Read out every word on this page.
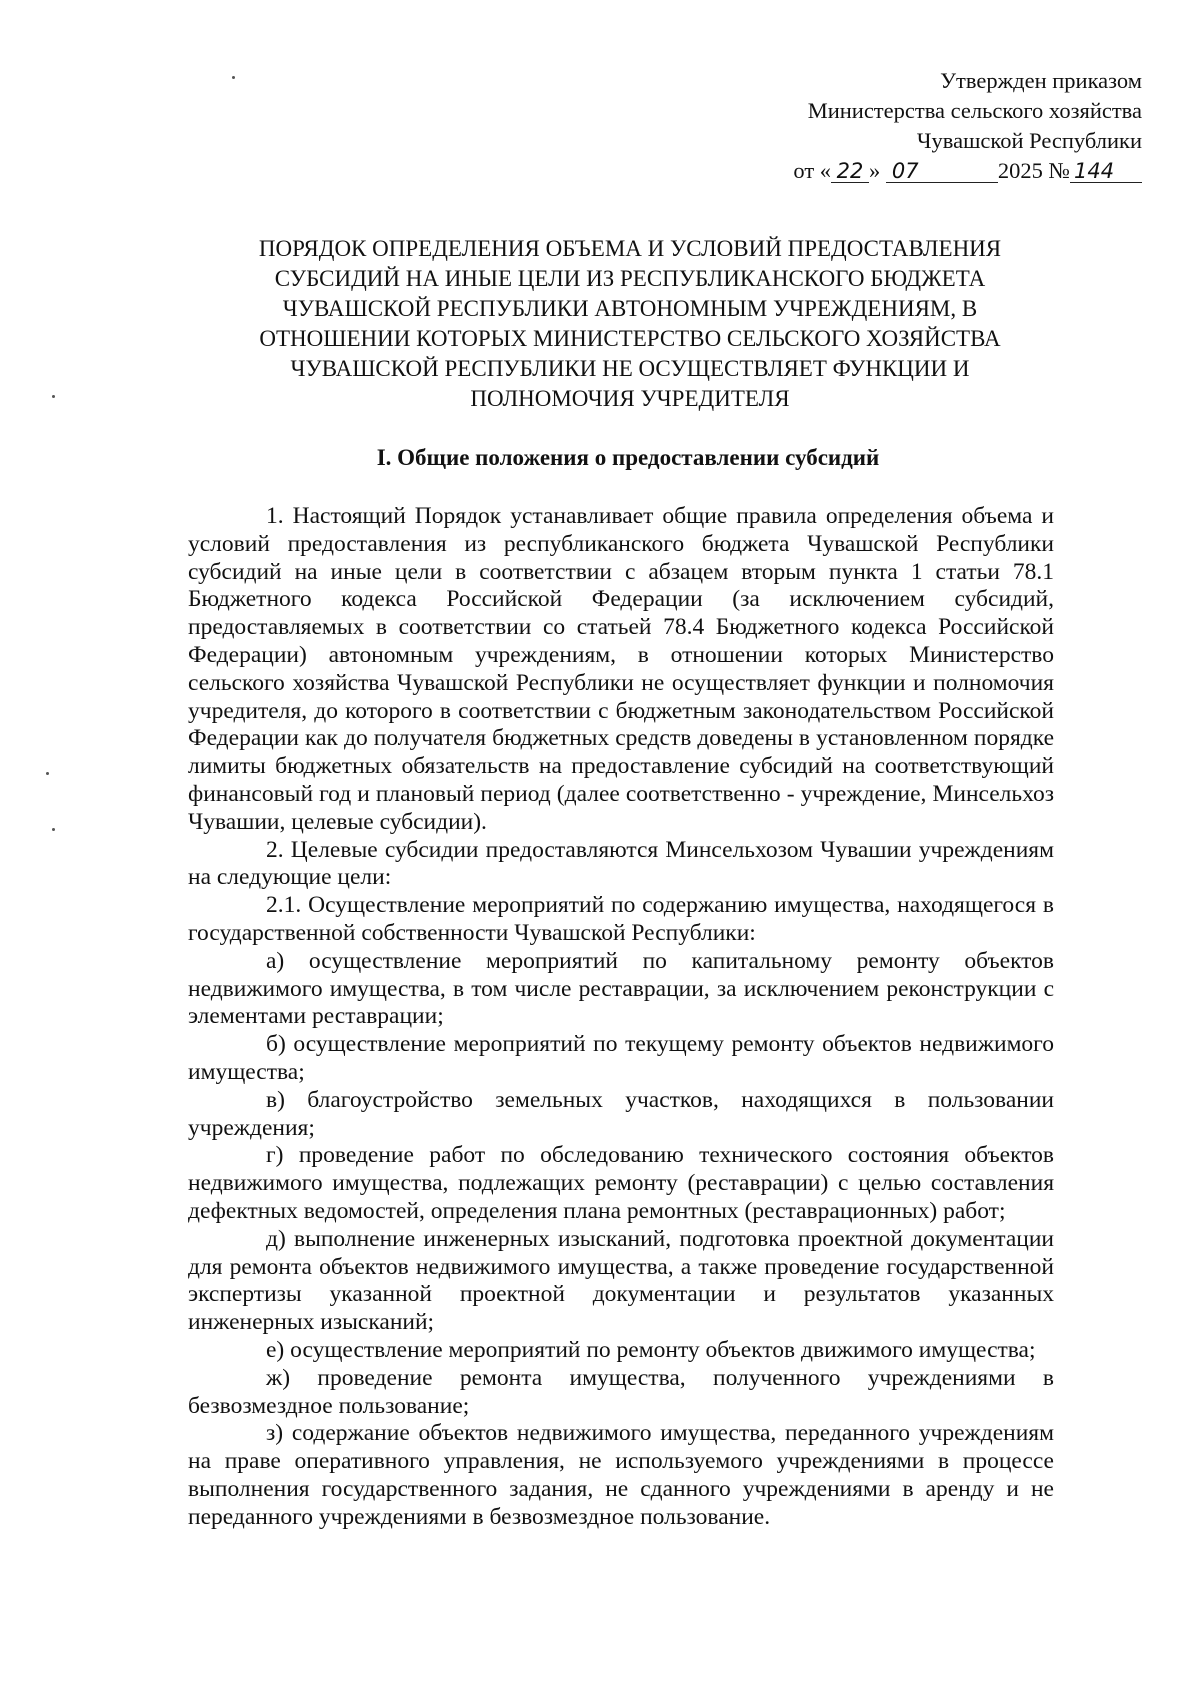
Утвержден приказом
Министерства сельского хозяйства
Чувашской Республики
от « 22 » 07	2025 № 144
ПОРЯДОК ОПРЕДЕЛЕНИЯ ОБЪЕМА И УСЛОВИЙ ПРЕДОСТАВЛЕНИЯ
СУБСИДИЙ НА ИНЫЕ ЦЕЛИ ИЗ РЕСПУБЛИКАНСКОГО БЮДЖЕТА
ЧУВАШСКОЙ РЕСПУБЛИКИ АВТОНОМНЫМ УЧРЕЖДЕНИЯМ, В
ОТНОШЕНИИ КОТОРЫХ МИНИСТЕРСТВО СЕЛЬСКОГО ХОЗЯЙСТВА
ЧУВАШСКОЙ РЕСПУБЛИКИ НЕ ОСУЩЕСТВЛЯЕТ ФУНКЦИИ И
ПОЛНОМОЧИЯ УЧРЕДИТЕЛЯ
I. Общие положения о предоставлении субсидий

1. Настоящий Порядок устанавливает общие правила определения объема и условий предоставления из республиканского бюджета Чувашской Республики субсидий на иные цели в соответствии с абзацем вторым пункта 1 статьи 78.1 Бюджетного кодекса Российской Федерации (за исключением субсидий, предоставляемых в соответствии со статьей 78.4 Бюджетного кодекса Российской Федерации) автономным учреждениям, в отношении которых Министерство сельского хозяйства Чувашской Республики не осуществляет функции и полномочия учредителя, до которого в соответствии с бюджетным законодательством Российской Федерации как до получателя бюджетных средств доведены в установленном порядке лимиты бюджетных обязательств на предоставление субсидий на соответствующий финансовый год и плановый период (далее соответственно - учреждение, Минсельхоз Чувашии, целевые субсидии).

2. Целевые субсидии предоставляются Минсельхозом Чувашии учреждениям на следующие цели:

2.1. Осуществление мероприятий по содержанию имущества, находящегося в государственной собственности Чувашской Республики:

а) осуществление мероприятий по капитальному ремонту объектов недвижимого имущества, в том числе реставрации, за исключением реконструкции с элементами реставрации;

б) осуществление мероприятий по текущему ремонту объектов недвижимого имущества;

в) благоустройство земельных участков, находящихся в пользовании учреждения;

г) проведение работ по обследованию технического состояния объектов недвижимого имущества, подлежащих ремонту (реставрации) с целью составления дефектных ведомостей, определения плана ремонтных (реставрационных) работ;

д) выполнение инженерных изысканий, подготовка проектной документации для ремонта объектов недвижимого имущества, а также проведение государственной экспертизы указанной проектной документации и результатов указанных инженерных изысканий;

е) осуществление мероприятий по ремонту объектов движимого имущества;

ж) проведение ремонта имущества, полученного учреждениями в безвозмездное пользование;

з) содержание объектов недвижимого имущества, переданного учреждениям на праве оперативного управления, не используемого учреждениями в процессе выполнения государственного задания, не сданного учреждениями в аренду и не переданного учреждениями в безвозмездное пользование.
